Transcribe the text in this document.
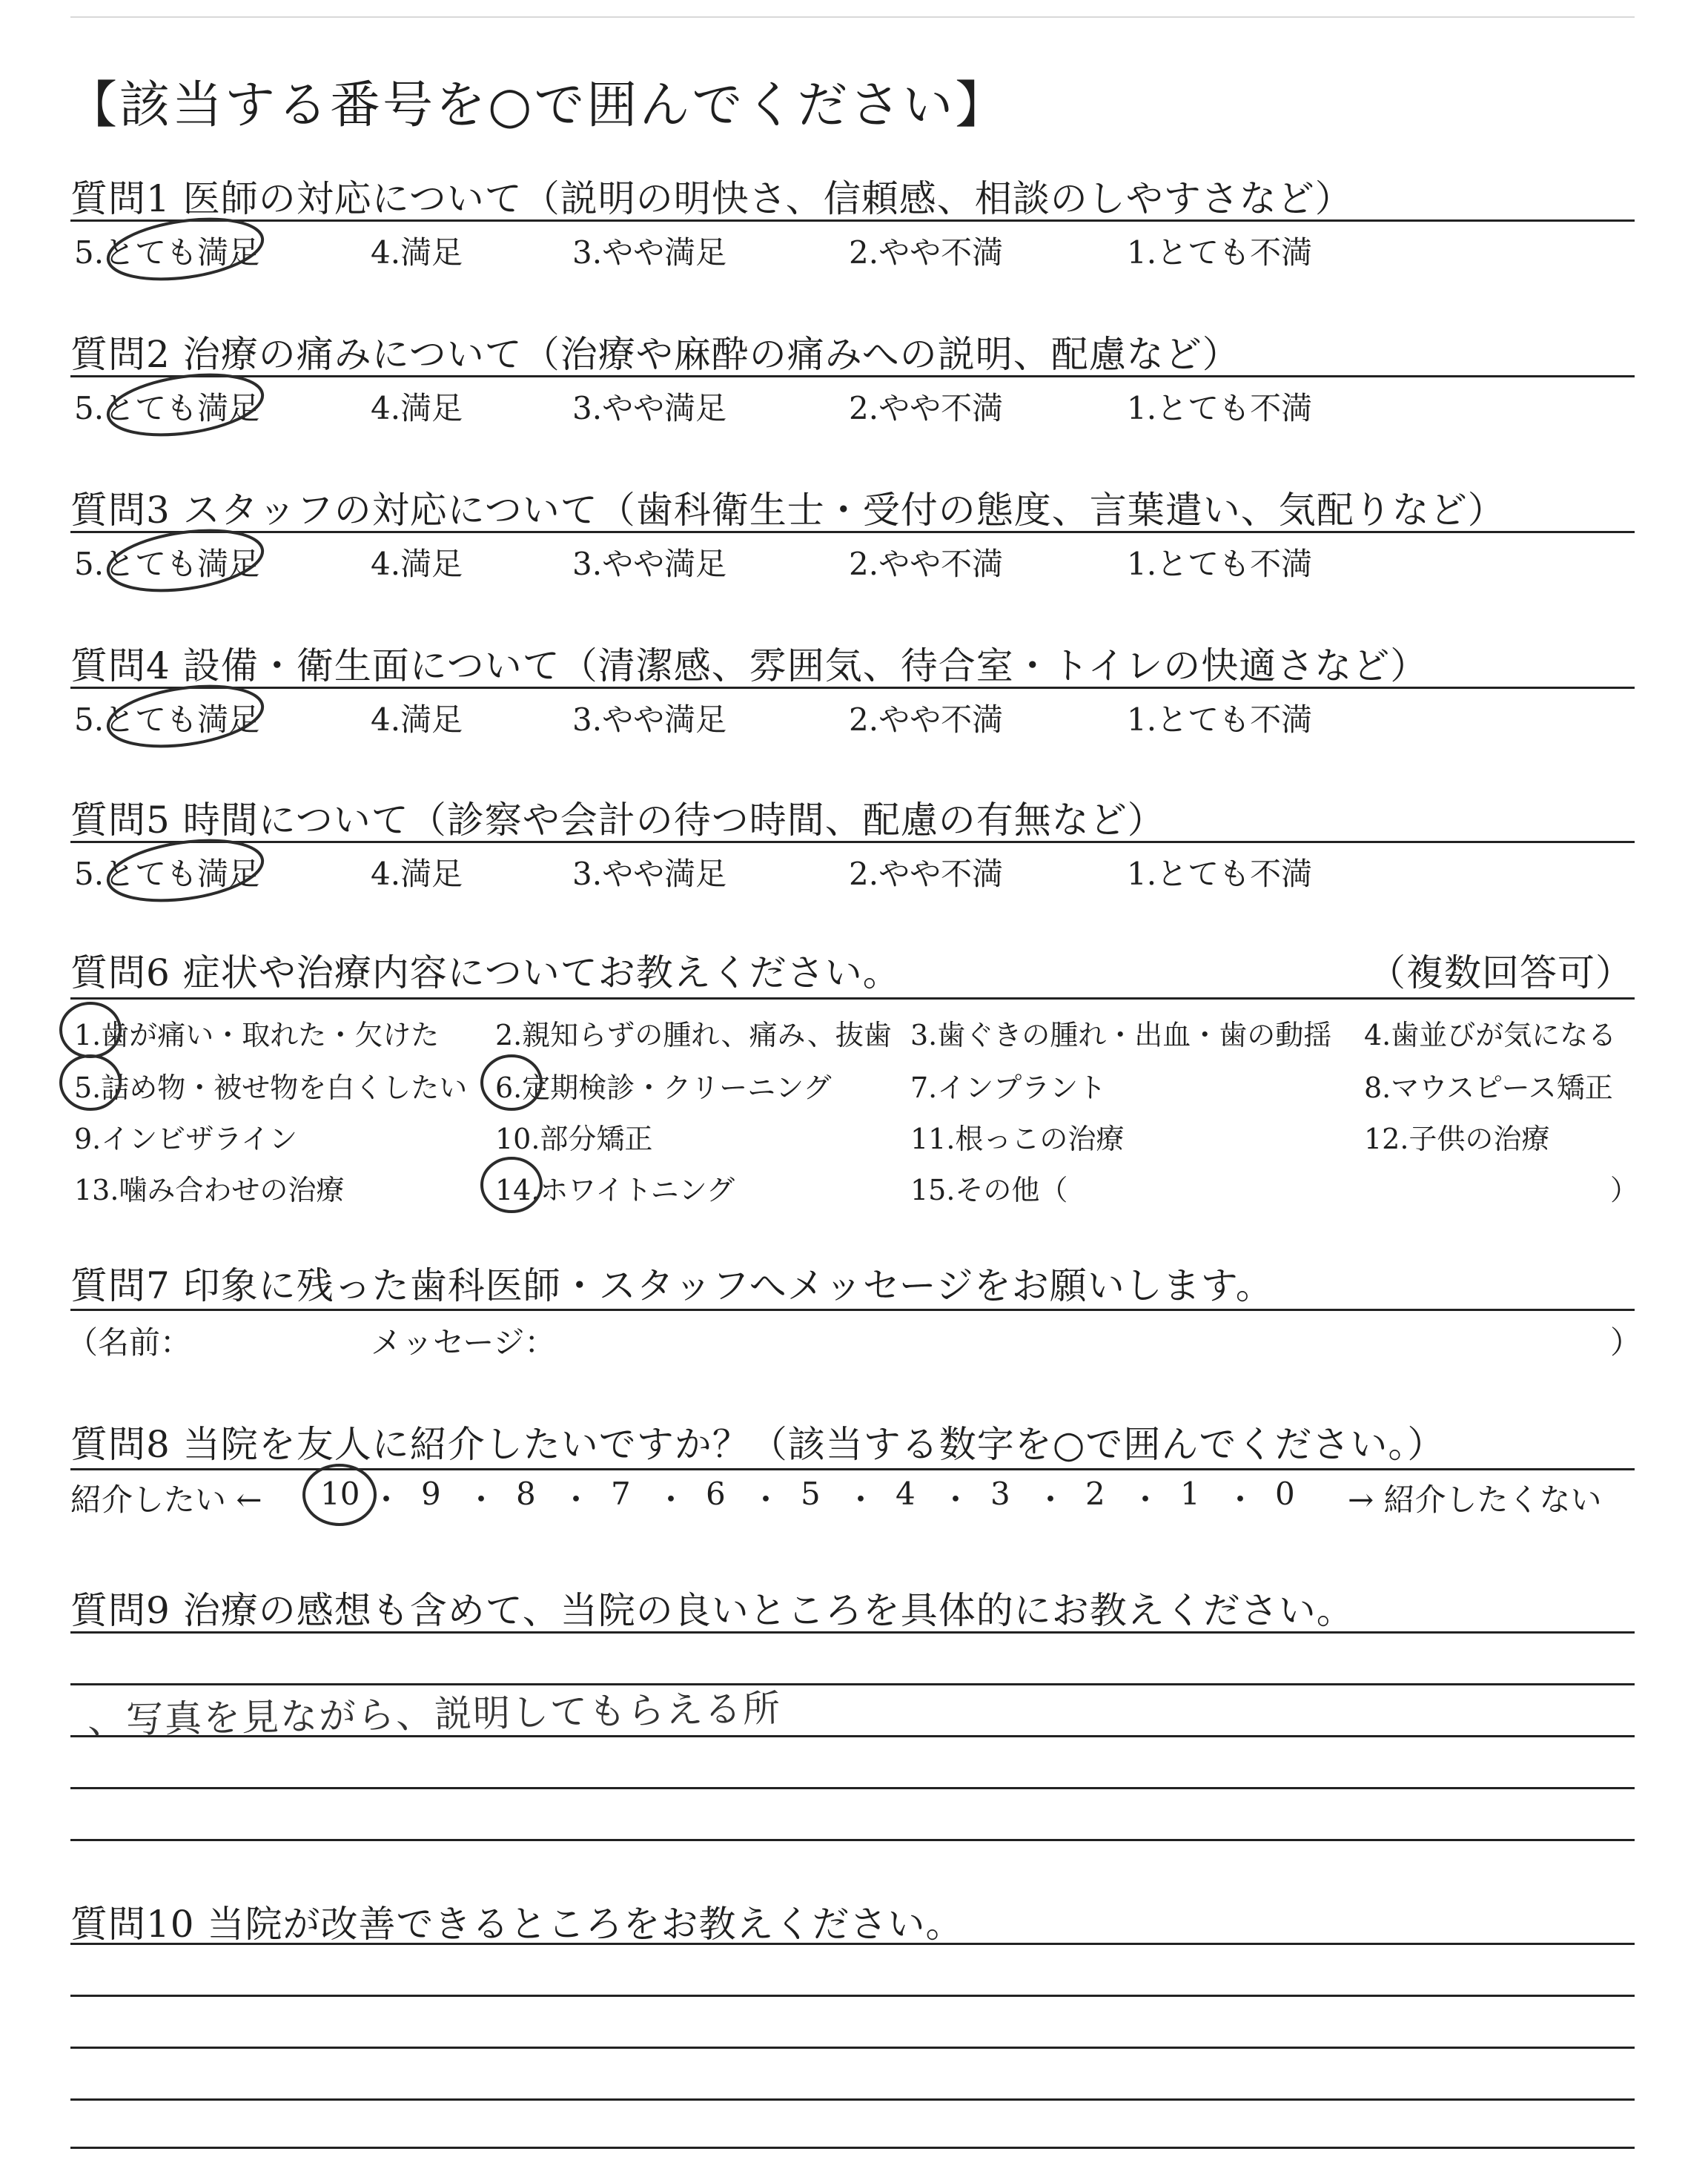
【該当する番号を○で囲んでください】
質問1 医師の対応について（説明の明快さ、信頼感、相談のしやすさなど）
5.とても満足	4.満足	3.やや満足	2.やや不満	1.とても不満
質問2 治療の痛みについて（治療や麻酔の痛みへの説明、配慮など）
5.とても満足	4.満足	3.やや満足	2.やや不満	1.とても不満
質問3 スタッフの対応について（歯科衛生士・受付の態度、言葉遣い、気配りなど）
5.とても満足	4.満足	3.やや満足	2.やや不満	1.とても不満
質問4 設備・衛生面について（清潔感、雰囲気、待合室・トイレの快適さなど）
5.とても満足	4.満足	3.やや満足	2.やや不満	1.とても不満
質問5 時間について（診察や会計の待つ時間、配慮の有無など）
5.とても満足	4.満足	3.やや満足	2.やや不満	1.とても不満
質問6 症状や治療内容についてお教えください。	（複数回答可）
1.歯が痛い・取れた・欠けた 2.親知らずの腫れ、痛み、抜歯 3.歯ぐきの腫れ・出血・歯の動揺 4.歯並びが気になる
5.詰め物・被せ物を白くしたい 6.定期検診・クリーニング	7.インプラント	8.マウスピース矯正
9.インビザライン	10.部分矯正	11.根っこの治療	12.子供の治療
13.噛み合わせの治療	14.ホワイトニング	15.その他（	）
質問7 印象に残った歯科医師・スタッフへメッセージをお願いします。
（名前：	メッセージ：	）
質問8 当院を友人に紹介したいですか？（該当する数字を○で囲んでください。）
紹介したい ← 10 ・ 9 ・ 8 ・ 7 ・ 6 ・ 5 ・ 4 ・ 3 ・ 2 ・ 1 ・ 0 → 紹介したくない
質問9 治療の感想も含めて、当院の良いところを具体的にお教えください。
、写真を見ながら、説明してもらえる所
質問10 当院が改善できるところをお教えください。
